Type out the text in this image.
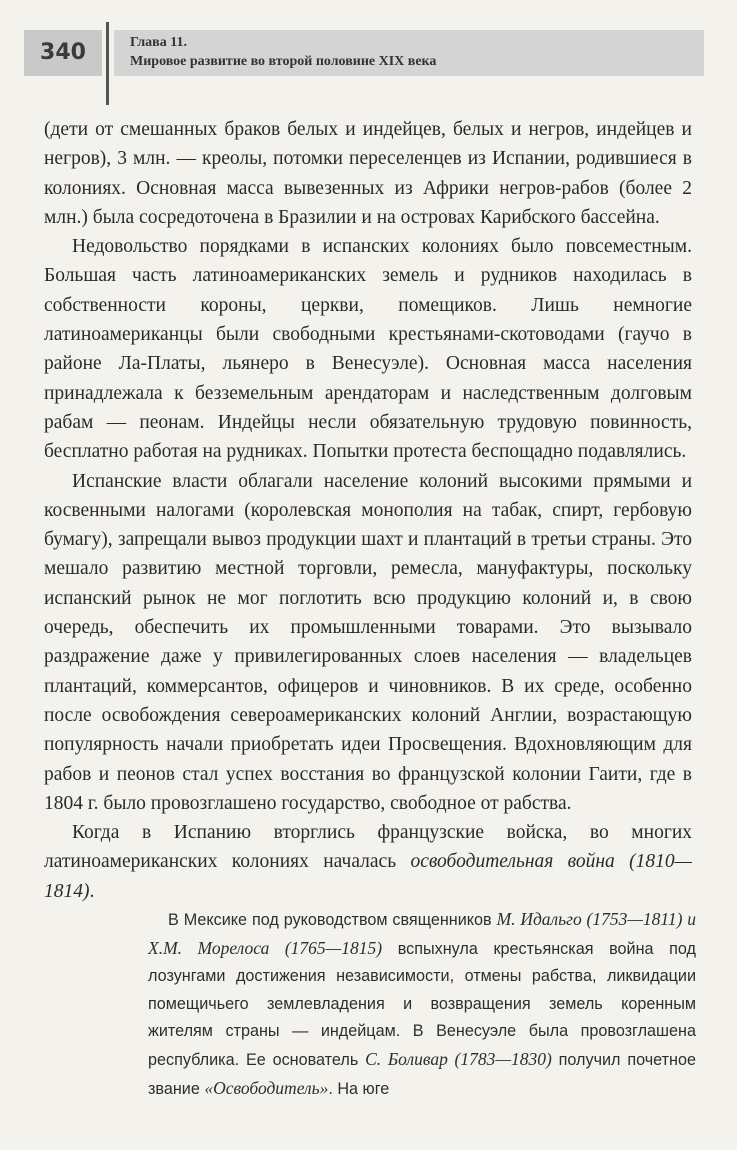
340	Глава 11.
Мировое развитие во второй половине XIX века

(дети от смешанных браков белых и индейцев, белых и негров, индейцев и негров), 3 млн. — креолы, потомки переселенцев из Испании, родившиеся в колониях. Основная масса вывезенных из Африки негров-рабов (более 2 млн.) была сосредоточена в Бразилии и на островах Карибского бассейна.

Недовольство порядками в испанских колониях было повсеместным. Большая часть латиноамериканских земель и рудников находилась в собственности короны, церкви, помещиков. Лишь немногие латиноамериканцы были свободными крестьянами-скотоводами (гаучо в районе Ла-Платы, льянеро в Венесуэле). Основная масса населения принадлежала к безземельным арендаторам и наследственным долговым рабам — пеонам. Индейцы несли обязательную трудовую повинность, бесплатно работая на рудниках. Попытки протеста беспощадно подавлялись.

Испанские власти облагали население колоний высокими прямыми и косвенными налогами (королевская монополия на табак, спирт, гербовую бумагу), запрещали вывоз продукции шахт и плантаций в третьи страны. Это мешало развитию местной торговли, ремесла, мануфактуры, поскольку испанский рынок не мог поглотить всю продукцию колоний и, в свою очередь, обеспечить их промышленными товарами. Это вызывало раздражение даже у привилегированных слоев населения — владельцев плантаций, коммерсантов, офицеров и чиновников. В их среде, особенно после освобождения североамериканских колоний Англии, возрастающую популярность начали приобретать идеи Просвещения. Вдохновляющим для рабов и пеонов стал успех восстания во французской колонии Гаити, где в 1804 г. было провозглашено государство, свободное от рабства.

Когда в Испанию вторглись французские войска, во многих латиноамериканских колониях началась освободительная война (1810—1814).

В Мексике под руководством священников М. Идальго (1753—1811) и Х.М. Морелоса (1765—1815) вспыхнула крестьянская война под лозунгами достижения независимости, отмены рабства, ликвидации помещичьего землевладения и возвращения земель коренным жителям страны — индейцам. В Венесуэле была провозглашена республика. Ее основатель С. Боливар (1783—1830) получил почетное звание «Освободитель». На юге
